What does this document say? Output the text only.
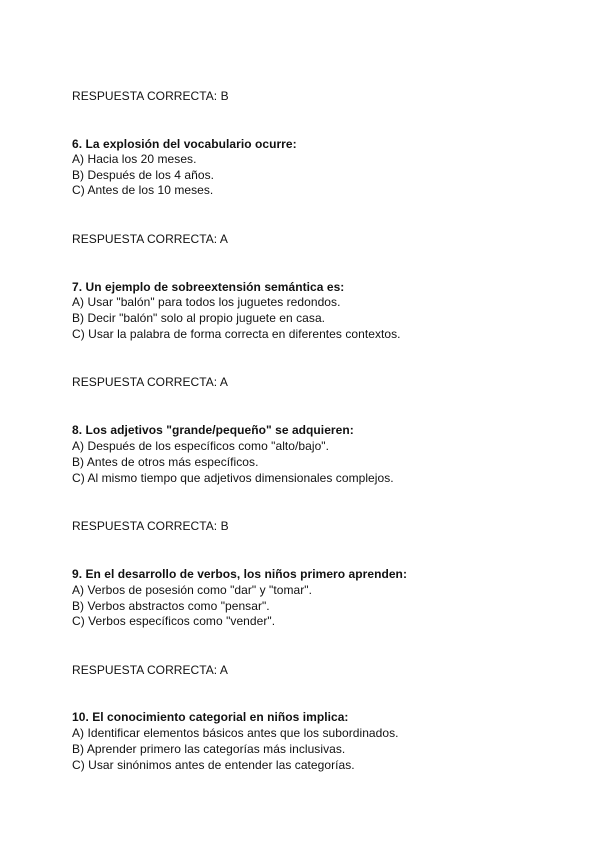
RESPUESTA CORRECTA: B
6. La explosión del vocabulario ocurre:
A) Hacia los 20 meses.
B) Después de los 4 años.
C) Antes de los 10 meses.
RESPUESTA CORRECTA: A
7. Un ejemplo de sobreextensión semántica es:
A) Usar "balón" para todos los juguetes redondos.
B) Decir "balón" solo al propio juguete en casa.
C) Usar la palabra de forma correcta en diferentes contextos.
RESPUESTA CORRECTA: A
8. Los adjetivos "grande/pequeño" se adquieren:
A) Después de los específicos como "alto/bajo".
B) Antes de otros más específicos.
C) Al mismo tiempo que adjetivos dimensionales complejos.
RESPUESTA CORRECTA: B
9. En el desarrollo de verbos, los niños primero aprenden:
A) Verbos de posesión como "dar" y "tomar".
B) Verbos abstractos como "pensar".
C) Verbos específicos como "vender".
RESPUESTA CORRECTA: A
10. El conocimiento categorial en niños implica:
A) Identificar elementos básicos antes que los subordinados.
B) Aprender primero las categorías más inclusivas.
C) Usar sinónimos antes de entender las categorías.
